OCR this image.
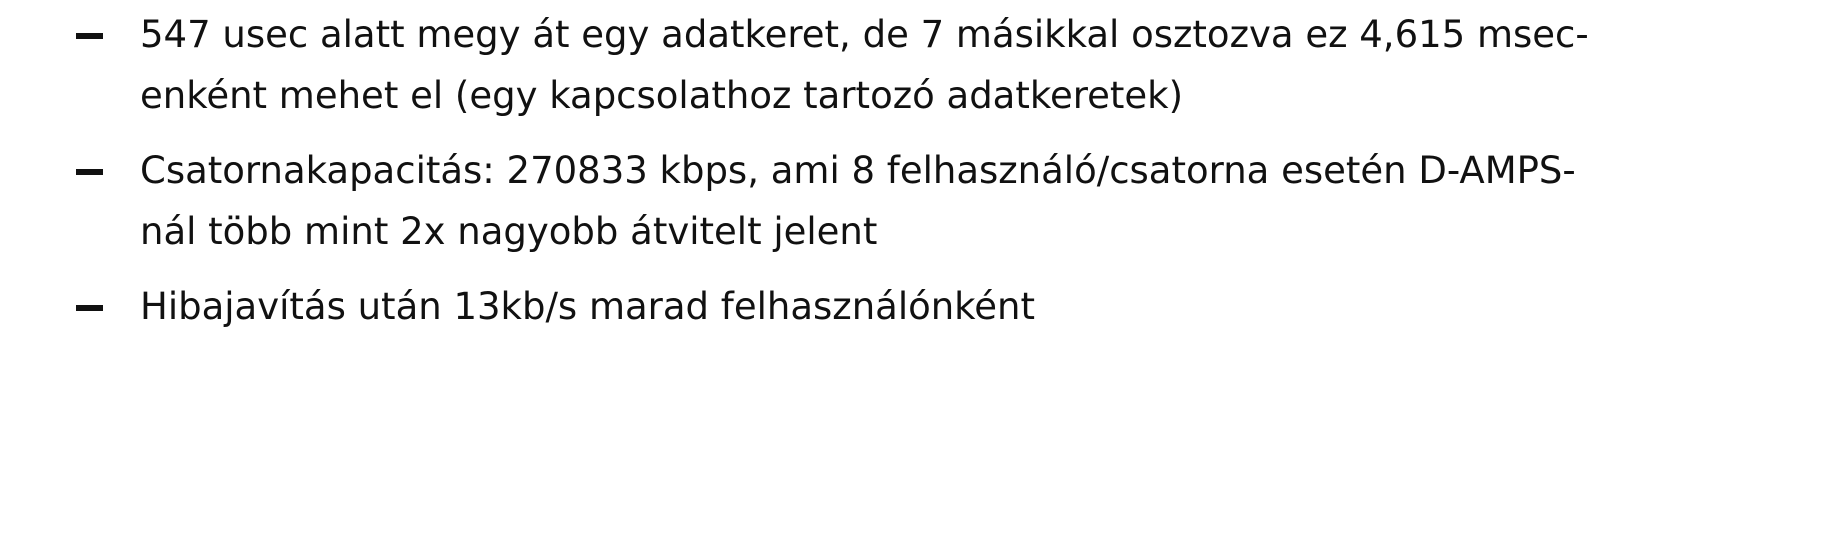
547 usec alatt megy át egy adatkeret, de 7 másikkal osztozva ez 4,615 msec-
enként mehet el (egy kapcsolathoz tartozó adatkeretek)
Csatornakapacitás: 270833 kbps, ami 8 felhasználó/csatorna esetén D-AMPS-
nál több mint 2x nagyobb átvitelt jelent
Hibajavítás után 13kb/s marad felhasználónként
